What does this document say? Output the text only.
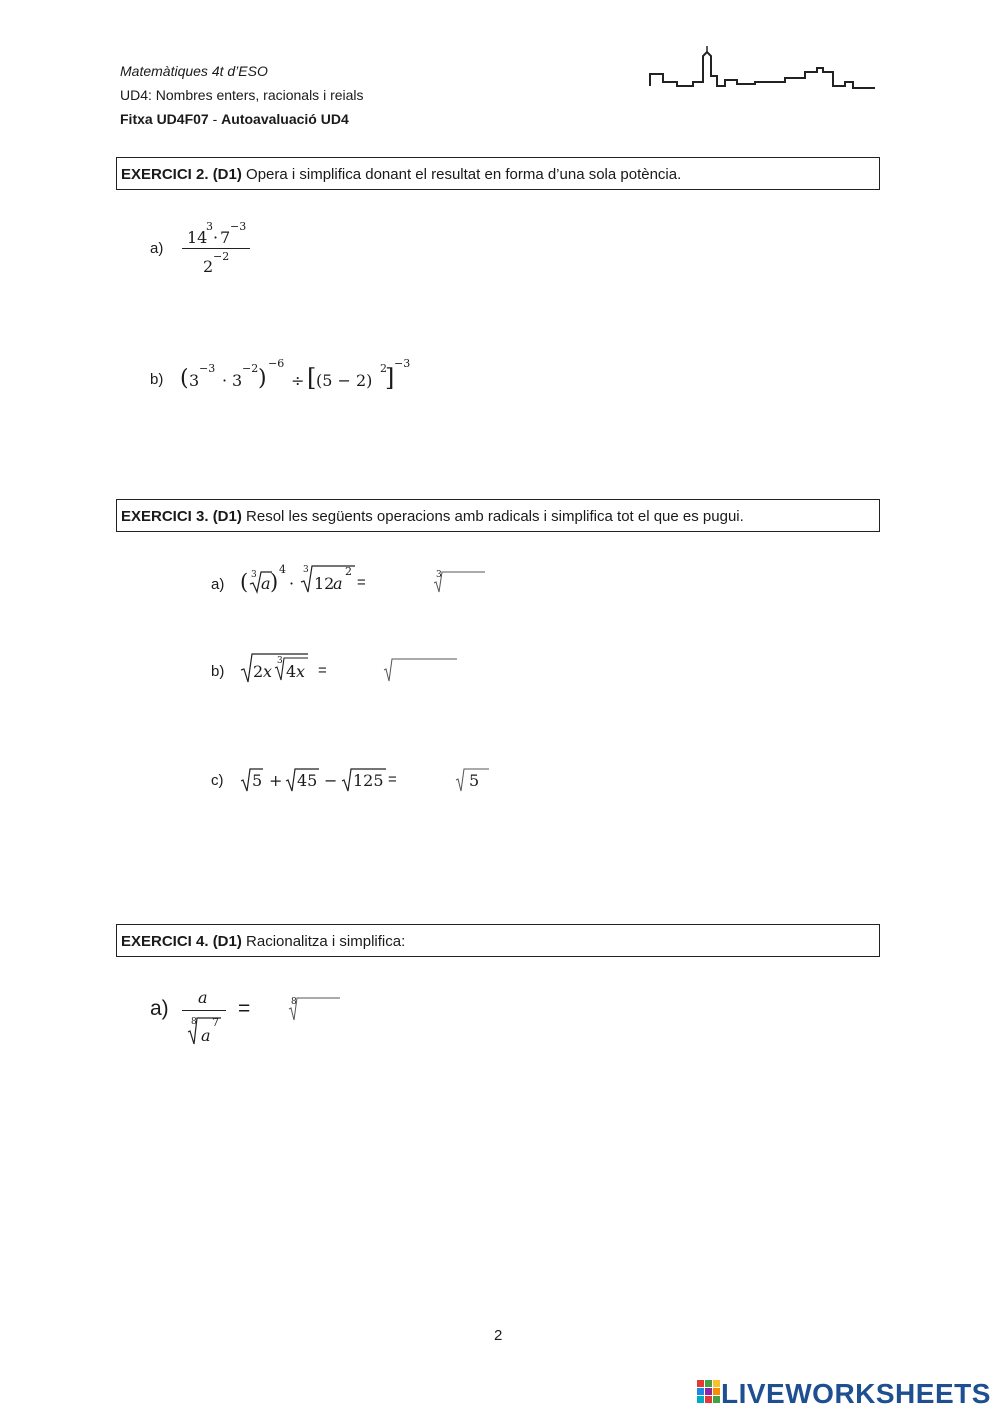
Matemàtiques 4t d’ESO
UD4: Nombres enters, racionals i reials
Fitxa UD4F07 - Autoavaluació UD4
EXERCICI 2. (D1) Opera i simplifica donant el resultat en forma d’una sola potència.
a)
14
3
· 7
−3
2
−2
b) ( 3
−3
· 3
−2 )
−6
÷ [ (5 − 2)
2
]
−3
EXERCICI 3. (D1) Resol les següents operacions amb radicals i simplifica tot el que es pugui.
a) ( 3 a )
4
·
3
12
a
2
=	3
b) 2 x
3
4 x =
c) 5 + 45 − 125 =	5
EXERCICI 4. (D1) Racionalitza i simplifica:
a) a
8
a
7
=	8
2
LIVEWORKSHEETS
